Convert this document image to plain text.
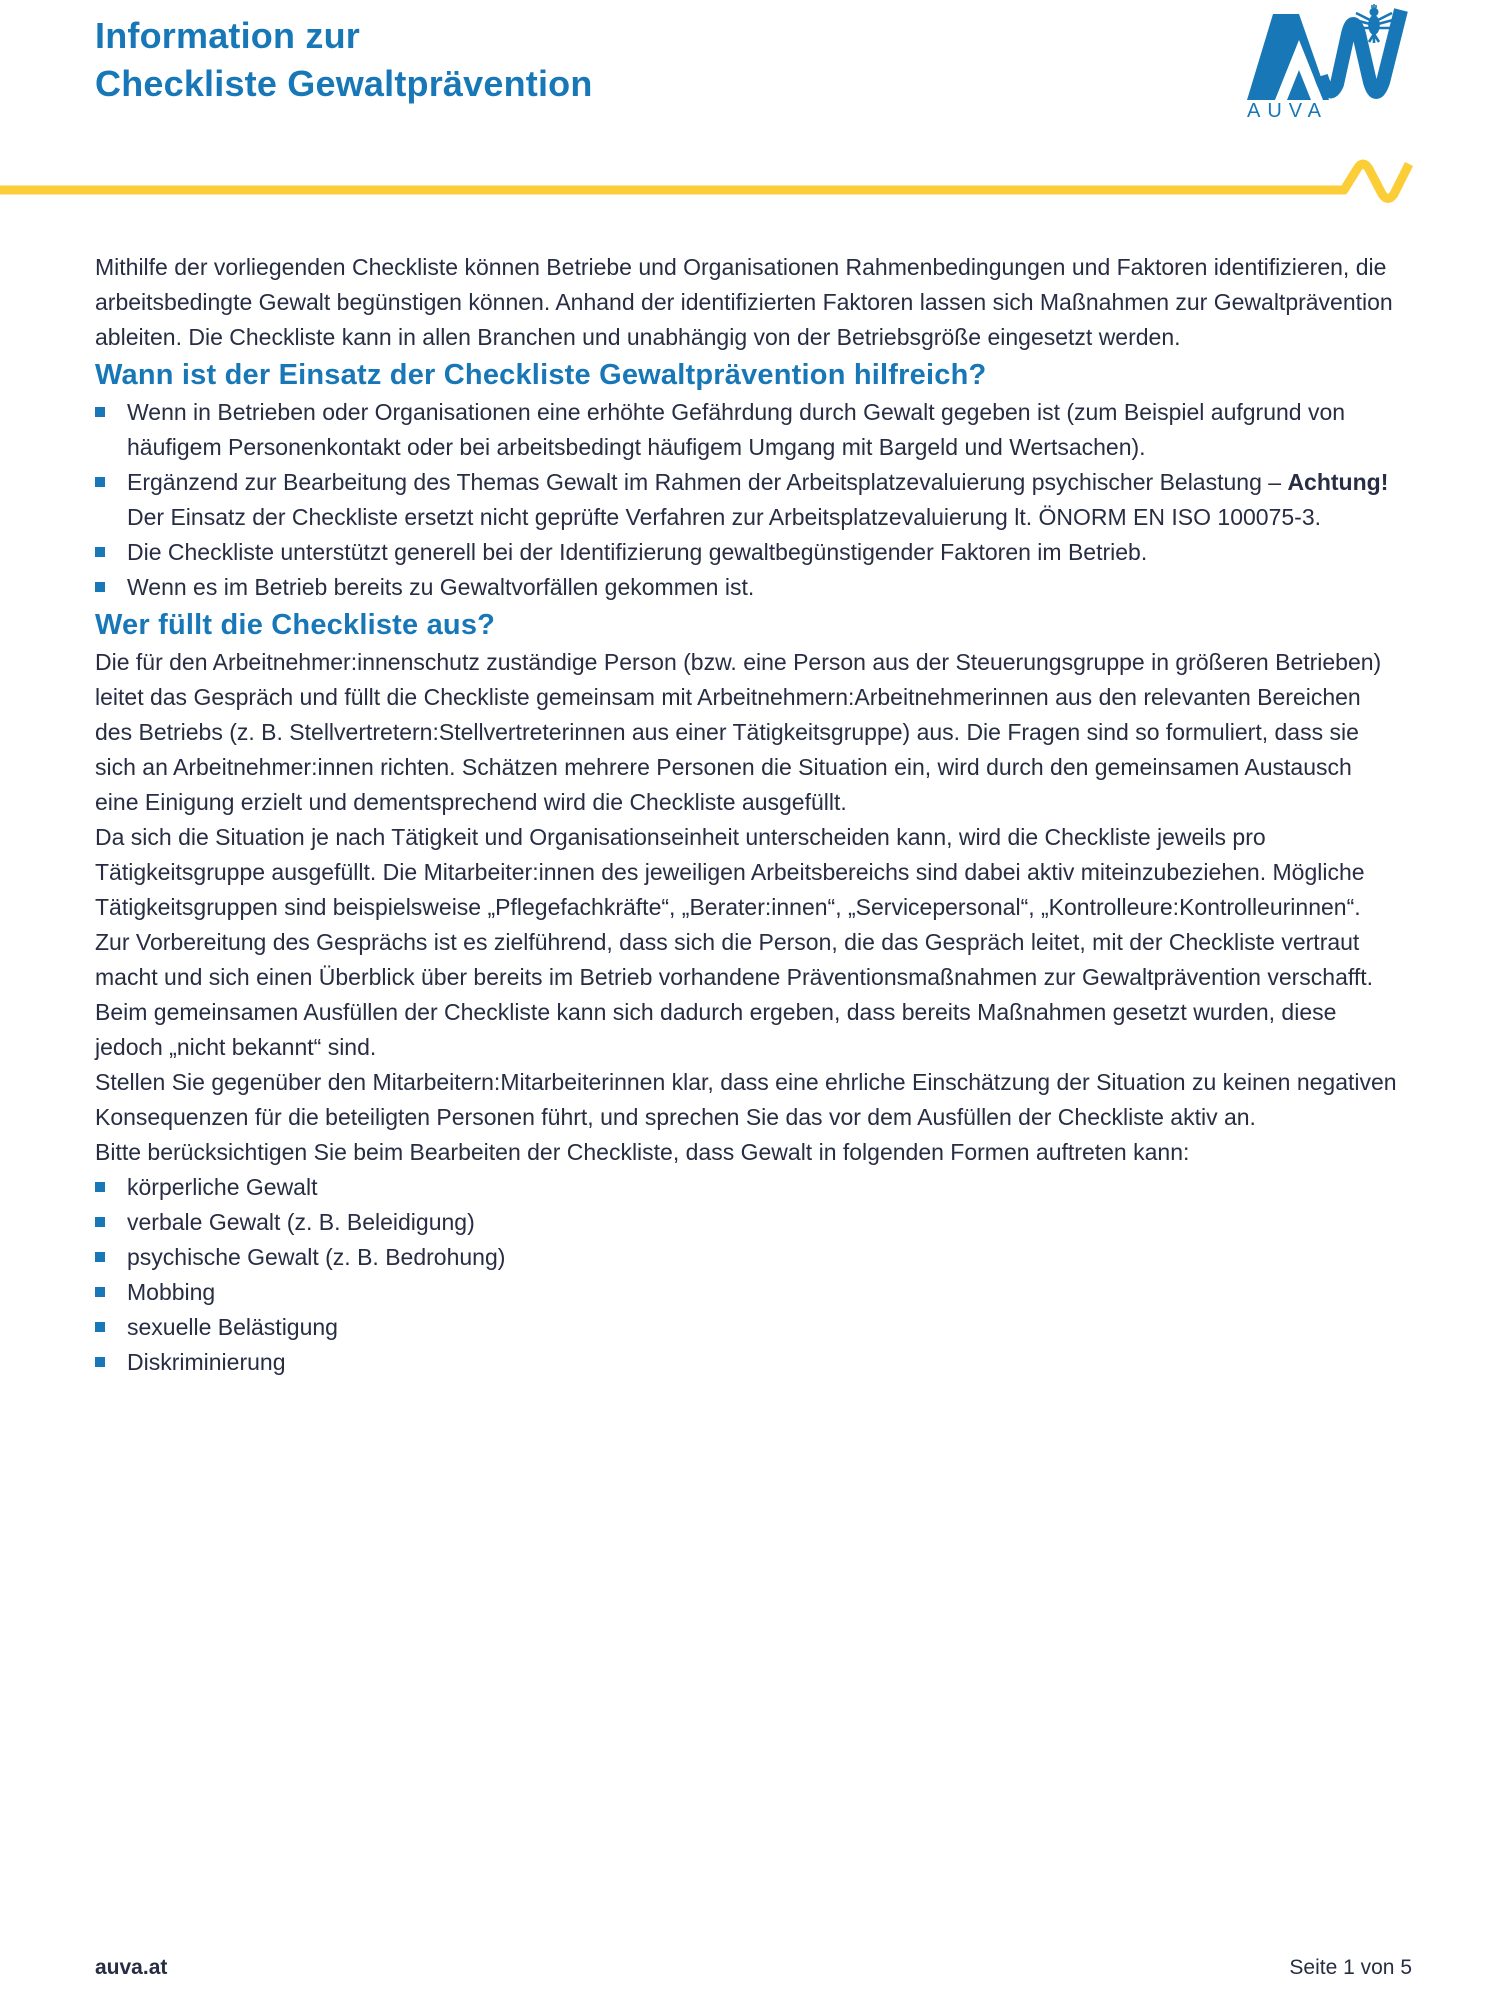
Information zur
Checkliste Gewaltprävention
AUVA

Mithilfe der vorliegenden Checkliste können Betriebe und Organisationen Rahmenbedingungen und Faktoren identifizieren, die arbeitsbedingte Gewalt begünstigen können. Anhand der identifizierten Faktoren lassen sich Maßnahmen zur Gewaltprävention ableiten. Die Checkliste kann in allen Branchen und unabhängig von der Betriebsgröße eingesetzt werden.

Wann ist der Einsatz der Checkliste Gewaltprävention hilfreich?
Wenn in Betrieben oder Organisationen eine erhöhte Gefährdung durch Gewalt gegeben ist (zum Beispiel aufgrund von häufigem Personenkontakt oder bei arbeitsbedingt häufigem Umgang mit Bargeld und Wertsachen).
Ergänzend zur Bearbeitung des Themas Gewalt im Rahmen der Arbeitsplatzevaluierung psychischer Belastung – Achtung! Der Einsatz der Checkliste ersetzt nicht geprüfte Verfahren zur Arbeitsplatzevaluierung lt. ÖNORM EN ISO 100075-3.
Die Checkliste unterstützt generell bei der Identifizierung gewaltbegünstigender Faktoren im Betrieb.
Wenn es im Betrieb bereits zu Gewaltvorfällen gekommen ist.
Wer füllt die Checkliste aus?

Die für den Arbeitnehmer:innenschutz zuständige Person (bzw. eine Person aus der Steuerungsgruppe in größeren Betrieben) leitet das Gespräch und füllt die Checkliste gemeinsam mit Arbeitnehmern:Arbeitnehmerinnen aus den relevanten Bereichen des Betriebs (z. B. Stellvertretern:Stellvertreterinnen aus einer Tätigkeitsgruppe) aus. Die Fragen sind so formuliert, dass sie sich an Arbeitnehmer:innen richten. Schätzen mehrere Personen die Situation ein, wird durch den gemeinsamen Austausch eine Einigung erzielt und dementsprechend wird die Checkliste ausgefüllt.

Da sich die Situation je nach Tätigkeit und Organisationseinheit unterscheiden kann, wird die Checkliste jeweils pro Tätigkeitsgruppe ausgefüllt. Die Mitarbeiter:innen des jeweiligen Arbeitsbereichs sind dabei aktiv miteinzubeziehen. Mögliche Tätigkeitsgruppen sind beispielsweise „Pflegefachkräfte“, „Berater:innen“, „Servicepersonal“, „Kontrolleure:Kontrolleurinnen“.

Zur Vorbereitung des Gesprächs ist es zielführend, dass sich die Person, die das Gespräch leitet, mit der Checkliste vertraut macht und sich einen Überblick über bereits im Betrieb vorhandene Präventionsmaßnahmen zur Gewaltprävention verschafft. Beim gemeinsamen Ausfüllen der Checkliste kann sich dadurch ergeben, dass bereits Maßnahmen gesetzt wurden, diese jedoch „nicht bekannt“ sind.

Stellen Sie gegenüber den Mitarbeitern:Mitarbeiterinnen klar, dass eine ehrliche Einschätzung der Situation zu keinen negativen Konsequenzen für die beteiligten Personen führt, und sprechen Sie das vor dem Ausfüllen der Checkliste aktiv an.

Bitte berücksichtigen Sie beim Bearbeiten der Checkliste, dass Gewalt in folgenden Formen auftreten kann:

körperliche Gewalt
verbale Gewalt (z. B. Beleidigung)
psychische Gewalt (z. B. Bedrohung)
Mobbing
sexuelle Belästigung
Diskriminierung
auva.at	Seite 1 von 5
